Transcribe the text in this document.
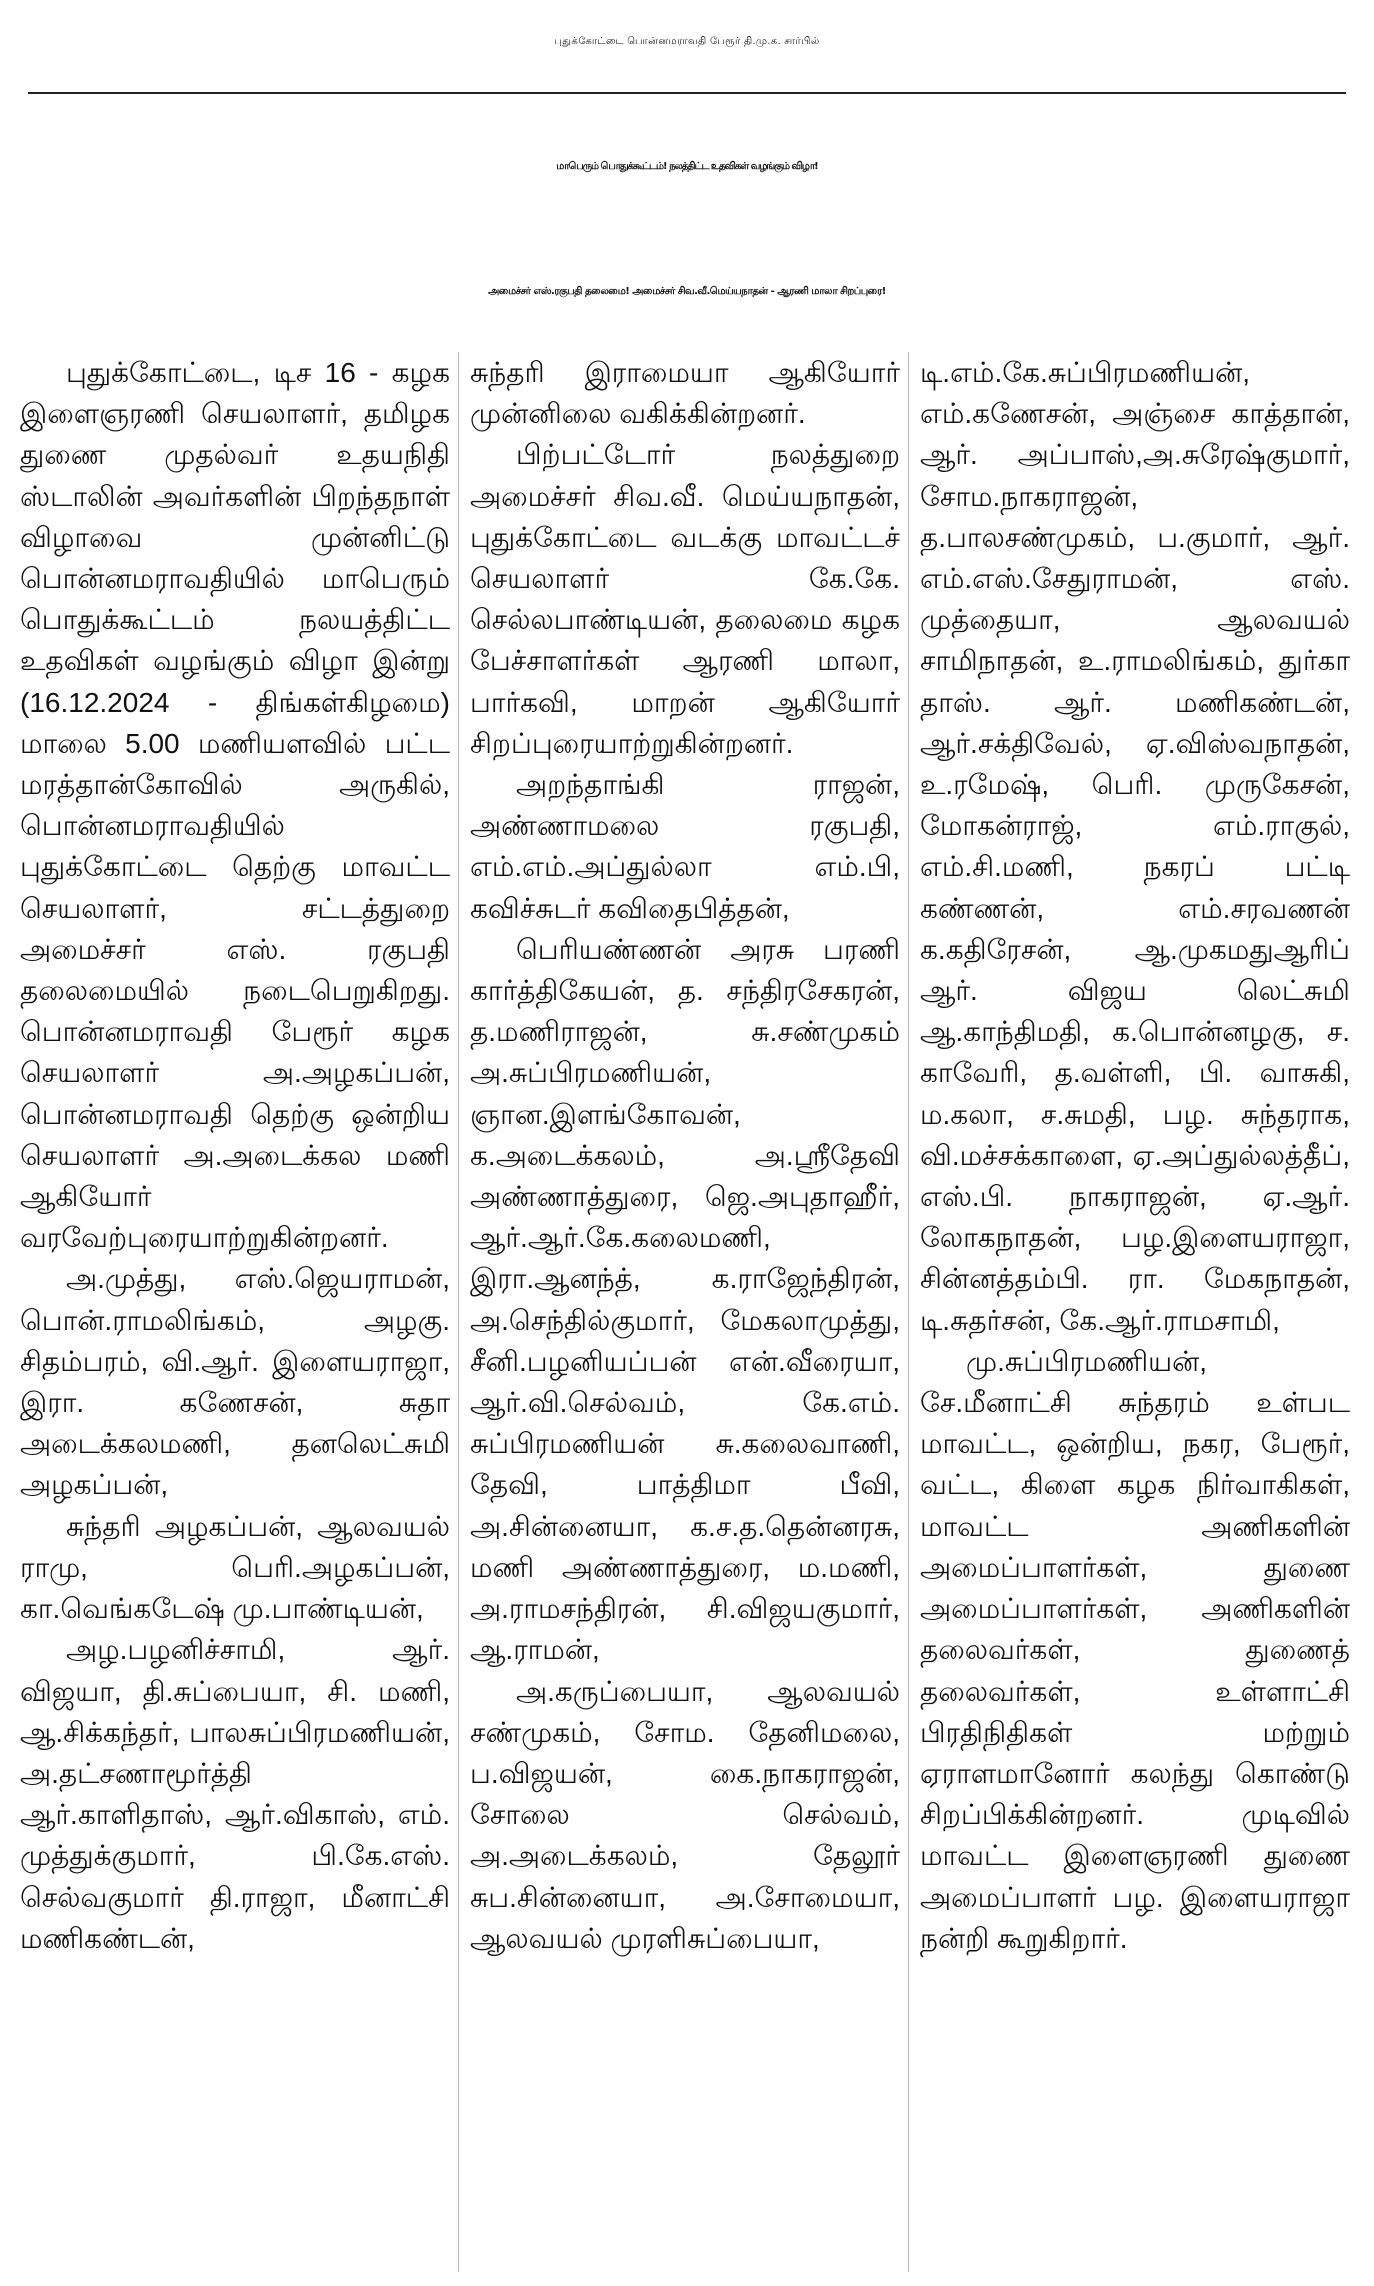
புதுக்கோட்டை பொன்னமராவதி பேரூர் தி.மு.க. சார்பில்
மாபெரும் பொதுக்கூட்டம்! நலத்திட்ட உதவிகள் வழங்கும் விழா!
அமைச்சர் எஸ்.ரகுபதி தலைமை! அமைச்சர் சிவ.வீ.மெய்யநாதன் - ஆரணி மாலா சிறப்புரை!

புதுக்கோட்டை, டிச 16 - கழக இளைஞரணி செயலாளர், தமிழக துணை முதல்வர் உதயநிதி ஸ்டாலின் அவர்களின் பிறந்தநாள் விழாவை முன்னிட்டு பொன்னமராவதியில் மாபெரும் பொதுக்கூட்டம் நலயத்திட்ட உதவிகள் வழங்கும் விழா இன்று (16.12.2024 - திங்கள்கிழமை) மாலை 5.00 மணியளவில் பட்ட மரத்தான்கோவில் அருகில், பொன்னமராவதியில் புதுக்கோட்டை தெற்கு மாவட்ட செயலாளர், சட்டத்துறை அமைச்சர் எஸ். ரகுபதி தலைமையில் நடைபெறுகிறது. பொன்னமராவதி பேரூர் கழக செயலாளர் அ.அழகப்பன், பொன்னமராவதி தெற்கு ஒன்றிய செயலாளர் அ.அடைக்கல மணி ஆகியோர் வரவேற்புரையாற்றுகின்றனர்.

அ.முத்து, எஸ்.ஜெயராமன், பொன்.ராமலிங்கம், அழகு. சிதம்பரம், வி.ஆர். இளையராஜா, இரா. கணேசன், சுதா அடைக்கலமணி, தனலெட்சுமி அழகப்பன்,

சுந்தரி அழகப்பன், ஆலவயல் ராமு, பெரி.அழகப்பன், கா.வெங்கடேஷ் மு.பாண்டியன்,

அழ.பழனிச்சாமி, ஆர். விஜயா, தி.சுப்பையா, சி. மணி, ஆ.சிக்கந்தர், பாலசுப்பிரமணியன், அ.தட்சணாமூர்த்தி ஆர்.காளிதாஸ், ஆர்.விகாஸ், எம். முத்துக்குமார், பி.கே.எஸ். செல்வகுமார் தி.ராஜா, மீனாட்சி மணிகண்டன்,

சுந்தரி இராமையா ஆகியோர் முன்னிலை வகிக்கின்றனர்.

பிற்பட்டோர் நலத்துறை அமைச்சர் சிவ.வீ. மெய்யநாதன், புதுக்கோட்டை வடக்கு மாவட்டச் செயலாளர் கே.கே. செல்லபாண்டியன், தலைமை கழக பேச்சாளர்கள் ஆரணி மாலா, பார்கவி, மாறன் ஆகியோர் சிறப்புரையாற்றுகின்றனர்.

அறந்தாங்கி ராஜன், அண்ணாமலை ரகுபதி, எம்.எம்.அப்துல்லா எம்.பி, கவிச்சுடர் கவிதைபித்தன்,

பெரியண்ணன் அரசு பரணி கார்த்திகேயன், த. சந்திரசேகரன், த.மணிராஜன், சு.சண்முகம் அ.சுப்பிரமணியன், ஞான.இளங்கோவன், க.அடைக்கலம், அ.ஸ்ரீதேவி அண்ணாத்துரை, ஜெ.அபுதாஹீர், ஆர்.ஆர்.கே.கலைமணி, இரா.ஆனந்த், க.ராஜேந்திரன், அ.செந்தில்குமார், மேகலாமுத்து, சீனி.பழனியப்பன் என்.வீரையா, ஆர்.வி.செல்வம், கே.எம். சுப்பிரமணியன் சு.கலைவாணி, தேவி, பாத்திமா பீவி, அ.சின்னையா, க.ச.த.தென்னரசு, மணி அண்ணாத்துரை, ம.மணி, அ.ராமசந்திரன், சி.விஜயகுமார், ஆ.ராமன்,

அ.கருப்பையா, ஆலவயல் சண்முகம், சோம. தேனிமலை, ப.விஜயன், கை.நாகராஜன், சோலை செல்வம், அ.அடைக்கலம், தேலூர் சுப.சின்னையா, அ.சோமையா, ஆலவயல் முரளிசுப்பையா,

டி.எம்.கே.சுப்பிரமணியன், எம்.கணேசன், அஞ்சை காத்தான், ஆர். அப்பாஸ்,அ.சுரேஷ்குமார், சோம.நாகராஜன், த.பாலசண்முகம், ப.குமார், ஆர். எம்.எஸ்.சேதுராமன், எஸ். முத்தையா, ஆலவயல் சாமிநாதன், உ.ராமலிங்கம், துர்கா தாஸ். ஆர். மணிகண்டன், ஆர்.சக்திவேல், ஏ.விஸ்வநாதன், உ.ரமேஷ், பெரி. முருகேசன், மோகன்ராஜ், எம்.ராகுல், எம்.சி.மணி, நகரப் பட்டி கண்ணன், எம்.சரவணன் க.கதிரேசன், ஆ.முகமதுஆரிப் ஆர். விஜய லெட்சுமி ஆ.காந்திமதி, க.பொன்னழகு, ச. காவேரி, த.வள்ளி, பி. வாசுகி, ம.கலா, ச.சுமதி, பழ. சுந்தராக, வி.மச்சக்காளை, ஏ.அப்துல்லத்தீப், எஸ்.பி. நாகராஜன், ஏ.ஆர். லோகநாதன், பழ.இளையராஜா, சின்னத்தம்பி. ரா. மேகநாதன், டி.சுதர்சன், கே.ஆர்.ராமசாமி,

மு.சுப்பிரமணியன், சே.மீனாட்சி சுந்தரம் உள்பட மாவட்ட, ஒன்றிய, நகர, பேரூர், வட்ட, கிளை கழக நிர்வாகிகள், மாவட்ட அணிகளின் அமைப்பாளர்கள், துணை அமைப்பாளர்கள், அணிகளின் தலைவர்கள், துணைத் தலைவர்கள், உள்ளாட்சி பிரதிநிதிகள் மற்றும் ஏராளமானோர் கலந்து கொண்டு சிறப்பிக்கின்றனர். முடிவில் மாவட்ட இளைஞரணி துணை அமைப்பாளர் பழ. இளையராஜா நன்றி கூறுகிறார்.
